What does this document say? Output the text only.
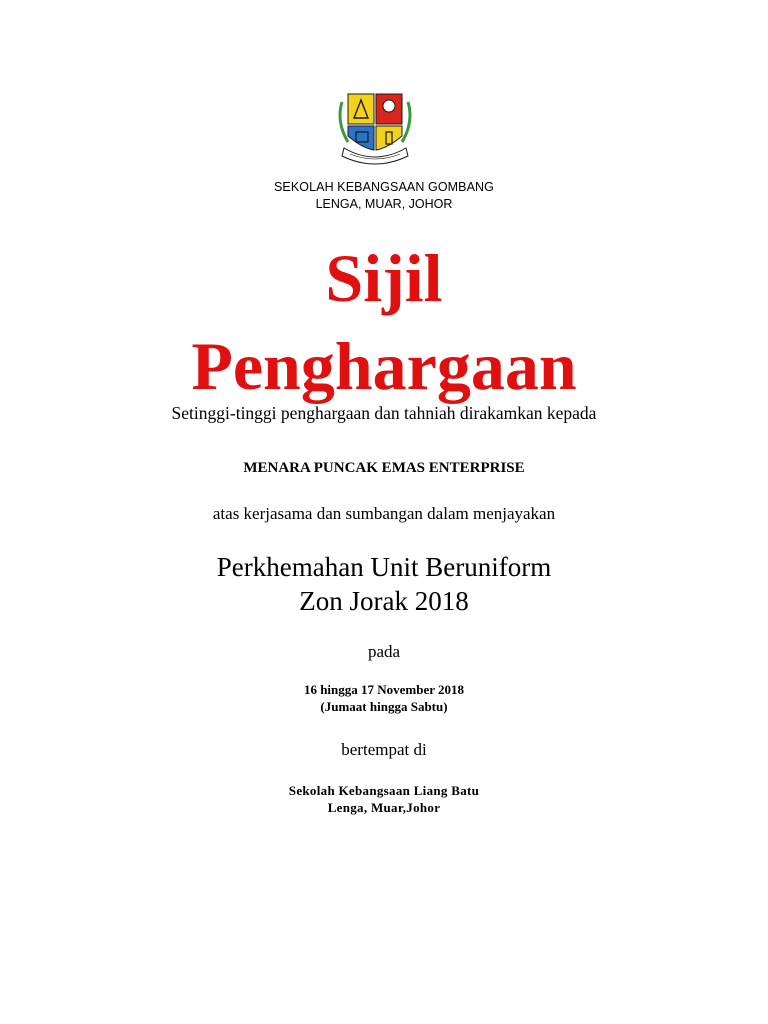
SEKOLAH KEBANGSAAN GOMBANG
LENGA, MUAR, JOHOR
Sijil
Penghargaan
Setinggi-tinggi penghargaan dan tahniah dirakamkan kepada
MENARA PUNCAK EMAS ENTERPRISE
atas kerjasama dan sumbangan dalam menjayakan
Perkhemahan Unit Beruniform
Zon Jorak 2018
pada
16 hingga 17 November 2018
(Jumaat hingga Sabtu)
bertempat di
Sekolah Kebangsaan Liang Batu
Lenga, Muar,Johor
